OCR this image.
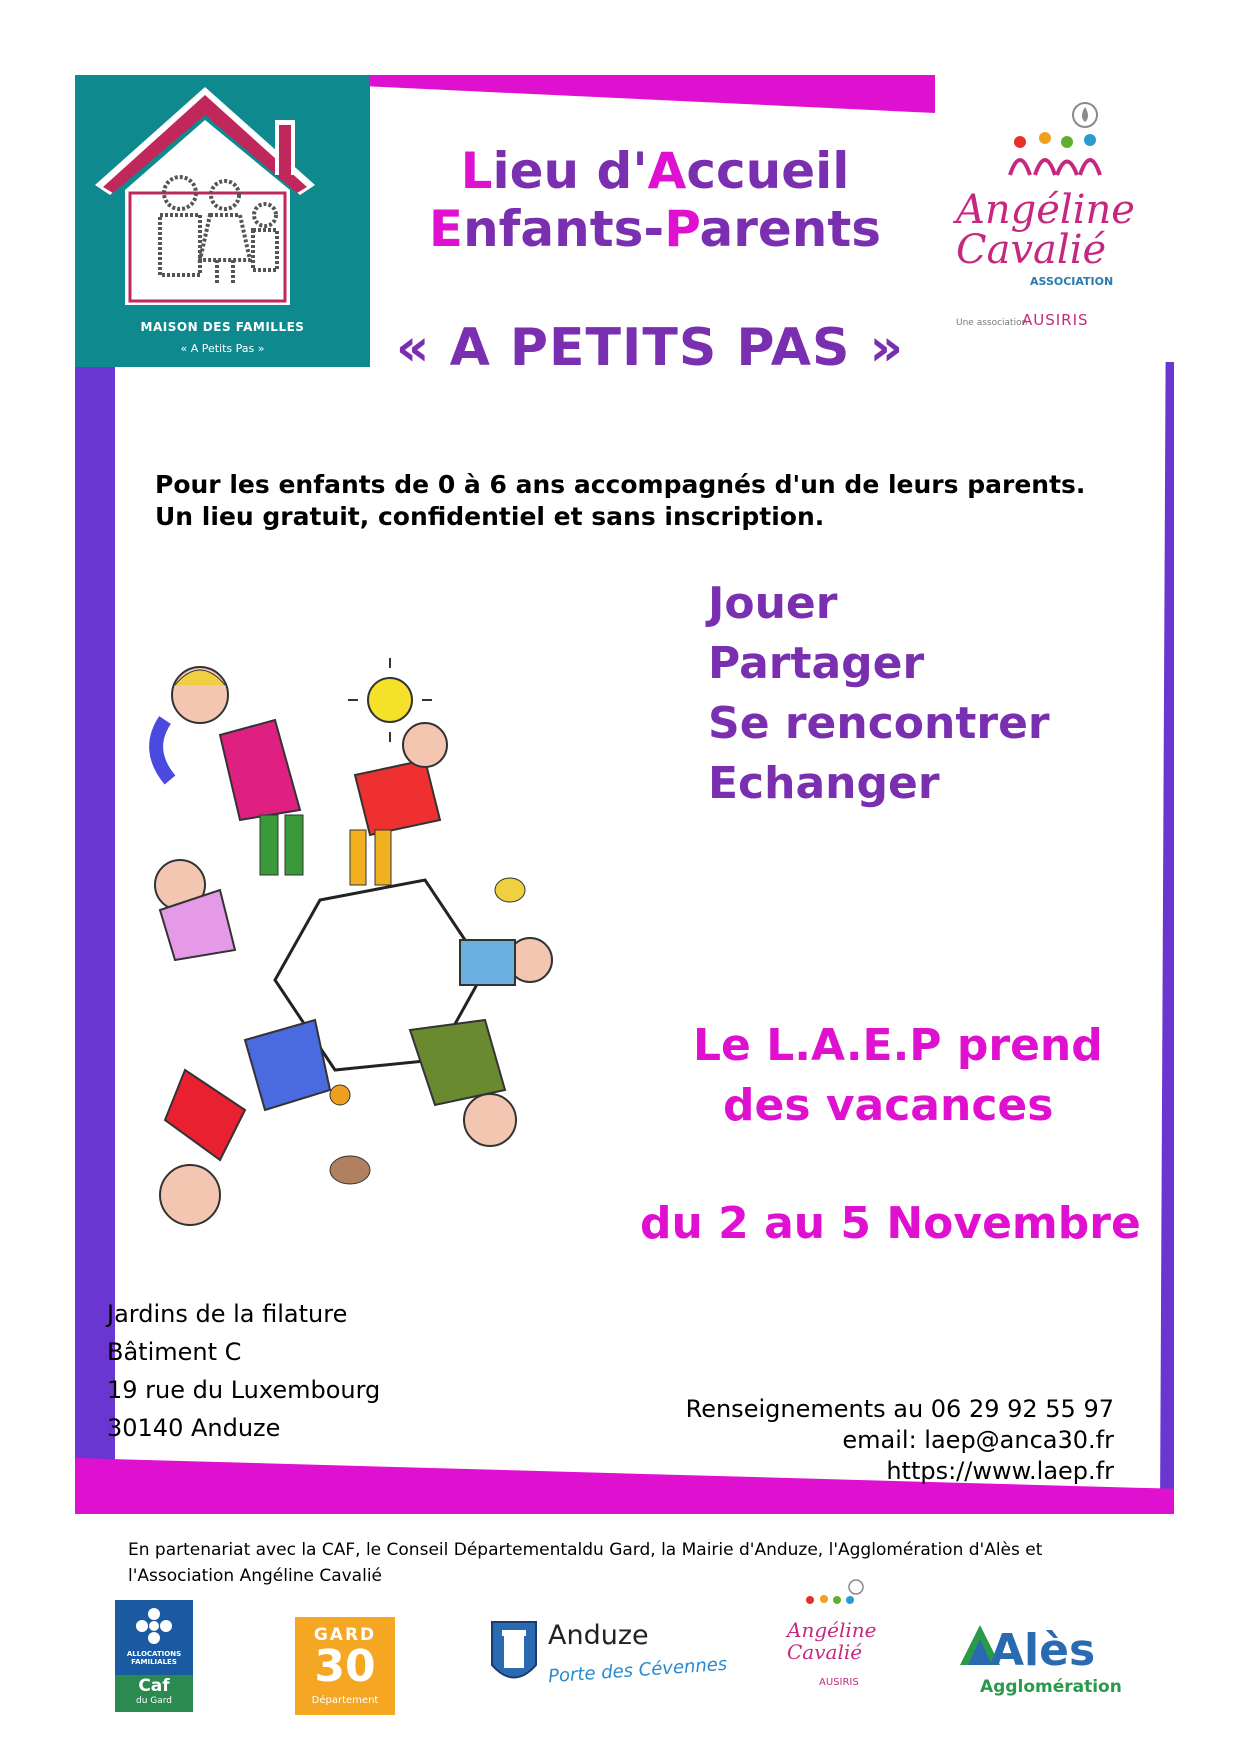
MAISON DES FAMILLES
« A Petits Pas »
Lieu d'Accueil
Enfants-Parents
« A PETITS PAS »
Angéline
Cavalié
ASSOCIATION
Une association
AUSIRIS
Pour les enfants de 0 à 6 ans accompagnés d'un de leurs parents.
Un lieu gratuit, confidentiel et sans inscription.
Jouer
Partager
Se rencontrer
Echanger
Le L.A.E.P prend
des vacances
du 2 au 5 Novembre
Jardins de la filature
Bâtiment C
19 rue du Luxembourg
30140 Anduze
Renseignements au 06 29 92 55 97
email: laep@anca30.fr
https://www.laep.fr
En partenariat avec la CAF, le Conseil Départementaldu Gard, la Mairie d'Anduze, l'Agglomération d'Alès et
l'Association Angéline Cavalié
ALLOCATIONS FAMILIALES
Caf
du Gard
GARD
30
Département
Anduze
Porte des Cévennes
Angéline
Cavalié
AUSIRIS
Alès
Agglomération
